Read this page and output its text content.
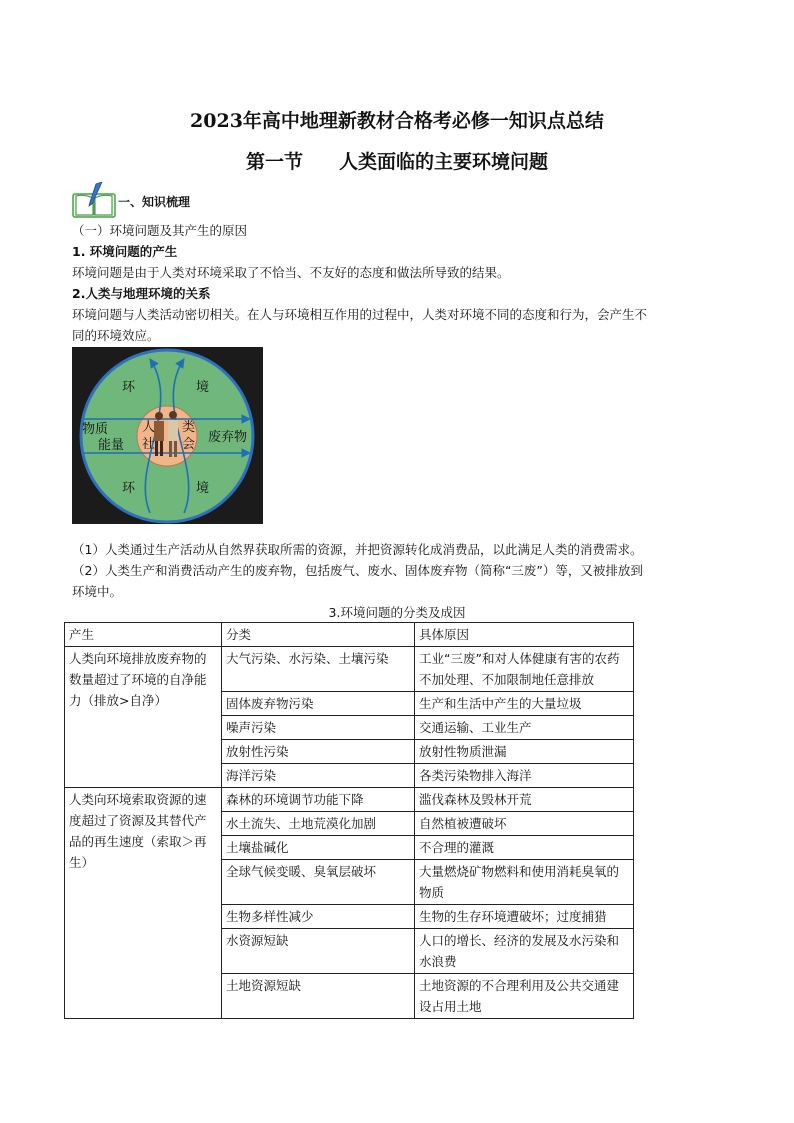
2023年高中地理新教材合格考必修一知识点总结
第一节 人类面临的主要环境问题
一、知识梳理
（一）环境问题及其产生的原因
1. 环境问题的产生
环境问题是由于人类对环境采取了不恰当、不友好的态度和做法所导致的结果。
2.人类与地理环境的关系
环境问题与人类活动密切相关。在人与环境相互作用的过程中，人类对环境不同的态度和行为，会产生不
同的环境效应。
环	境
环	境
物质
能量
废弃物
人 类
社 会
（1）人类通过生产活动从自然界获取所需的资源，并把资源转化成消费品，以此满足人类的消费需求。
（2）人类生产和消费活动产生的废弃物，包括废气、废水、固体废弃物（简称“三废”）等，又被排放到
环境中。
3.环境问题的分类及成因
产生	分类	具体原因
人类向环境排放废弃物的数量超过了环境的自净能力（排放>自净）	大气污染、水污染、土壤污染	工业“三废”和对人体健康有害的农药不加处理、不加限制地任意排放
	固体废弃物污染	生产和生活中产生的大量垃圾
	噪声污染	交通运输、工业生产
	放射性污染	放射性物质泄漏
	海洋污染	各类污染物排入海洋
人类向环境索取资源的速度超过了资源及其替代产品的再生速度（索取＞再生）	森林的环境调节功能下降	滥伐森林及毁林开荒
	水土流失、土地荒漠化加剧	自然植被遭破坏
	土壤盐碱化	不合理的灌溉
	全球气候变暖、臭氧层破坏	大量燃烧矿物燃料和使用消耗臭氧的物质
	生物多样性减少	生物的生存环境遭破坏；过度捕猎
	水资源短缺	人口的增长、经济的发展及水污染和水浪费
	土地资源短缺	土地资源的不合理利用及公共交通建设占用土地
